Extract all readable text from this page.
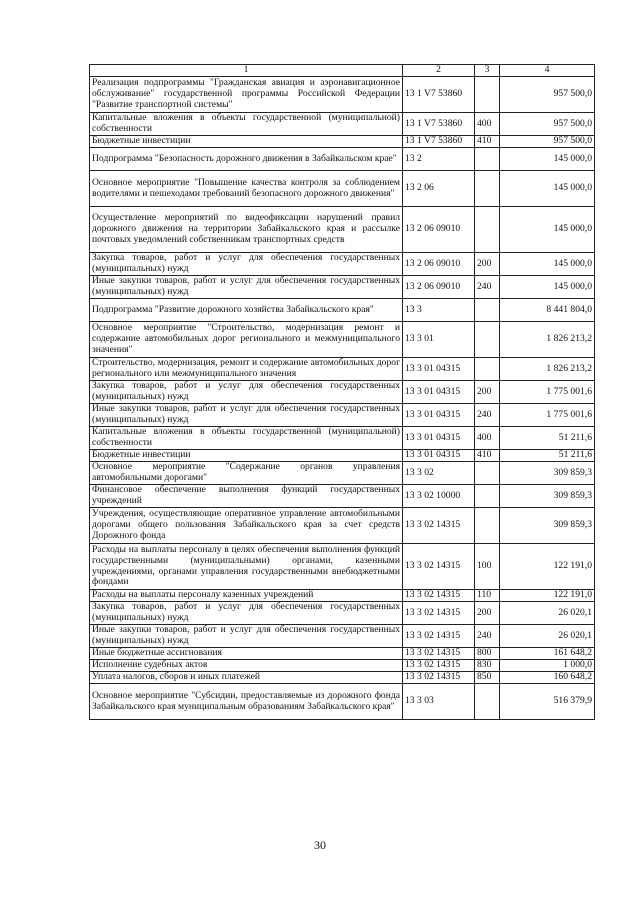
1	2	3	4
Реализация подпрограммы "Гражданская авиация и аэронавигационное обслуживание" государственной программы Российской Федерации "Развитие транспортной системы"	13 1 V7 53860		957 500,0
Капитальные вложения в объекты государственной (муниципальной) собственности	13 1 V7 53860	400	957 500,0
Бюджетные инвестиции	13 1 V7 53860	410	957 500,0
Подпрограмма "Безопасность дорожного движения в Забайкальском крае"	13 2		145 000,0
Основное мероприятие "Повышение качества контроля за соблюдением водителями и пешеходами требований безопасного дорожного движения"	13 2 06		145 000,0
Осуществление мероприятий по видеофиксации нарушений правил дорожного движения на территории Забайкальского края и рассылке почтовых уведомлений собственникам транспортных средств	13 2 06 09010		145 000,0
Закупка товаров, работ и услуг для обеспечения государственных (муниципальных) нужд	13 2 06 09010	200	145 000,0
Иные закупки товаров, работ и услуг для обеспечения государственных (муниципальных) нужд	13 2 06 09010	240	145 000,0
Подпрограмма "Развитие дорожного хозяйства Забайкальского края"	13 3		8 441 804,0
Основное мероприятие "Строительство, модернизация ремонт и содержание автомобильных дорог регионального и межмуниципального значения"	13 3 01		1 826 213,2
Строительство, модернизация, ремонт и содержание автомобильных дорог регионального или межмуниципального значения	13 3 01 04315		1 826 213,2
Закупка товаров, работ и услуг для обеспечения государственных (муниципальных) нужд	13 3 01 04315	200	1 775 001,6
Иные закупки товаров, работ и услуг для обеспечения государственных (муниципальных) нужд	13 3 01 04315	240	1 775 001,6
Капитальные вложения в объекты государственной (муниципальной) собственности	13 3 01 04315	400	51 211,6
Бюджетные инвестиции	13 3 01 04315	410	51 211,6
Основное мероприятие "Содержание органов управления автомобильными дорогами"	13 3 02		309 859,3
Финансовое обеспечение выполнения функций государственных учреждений	13 3 02 10000		309 859,3
Учреждения, осуществляющие оперативное управление автомобильными дорогами общего пользования Забайкальского края за счет средств Дорожного фонда	13 3 02 14315		309 859,3
Расходы на выплаты персоналу в целях обеспечения выполнения функций государственными (муниципальными) органами, казенными учреждениями, органами управления государственными внебюджетными фондами	13 3 02 14315	100	122 191,0
Расходы на выплаты персоналу казенных учреждений	13 3 02 14315	110	122 191,0
Закупка товаров, работ и услуг для обеспечения государственных (муниципальных) нужд	13 3 02 14315	200	26 020,1
Иные закупки товаров, работ и услуг для обеспечения государственных (муниципальных) нужд	13 3 02 14315	240	26 020,1
Иные бюджетные ассигнования	13 3 02 14315	800	161 648,2
Исполнение судебных актов	13 3 02 14315	830	1 000,0
Уплата налогов, сборов и иных платежей	13 3 02 14315	850	160 648,2
Основное мероприятие "Субсидии, предоставляемые из дорожного фонда Забайкальского края муниципальным образованиям Забайкальского края"	13 3 03		516 379,9
30
